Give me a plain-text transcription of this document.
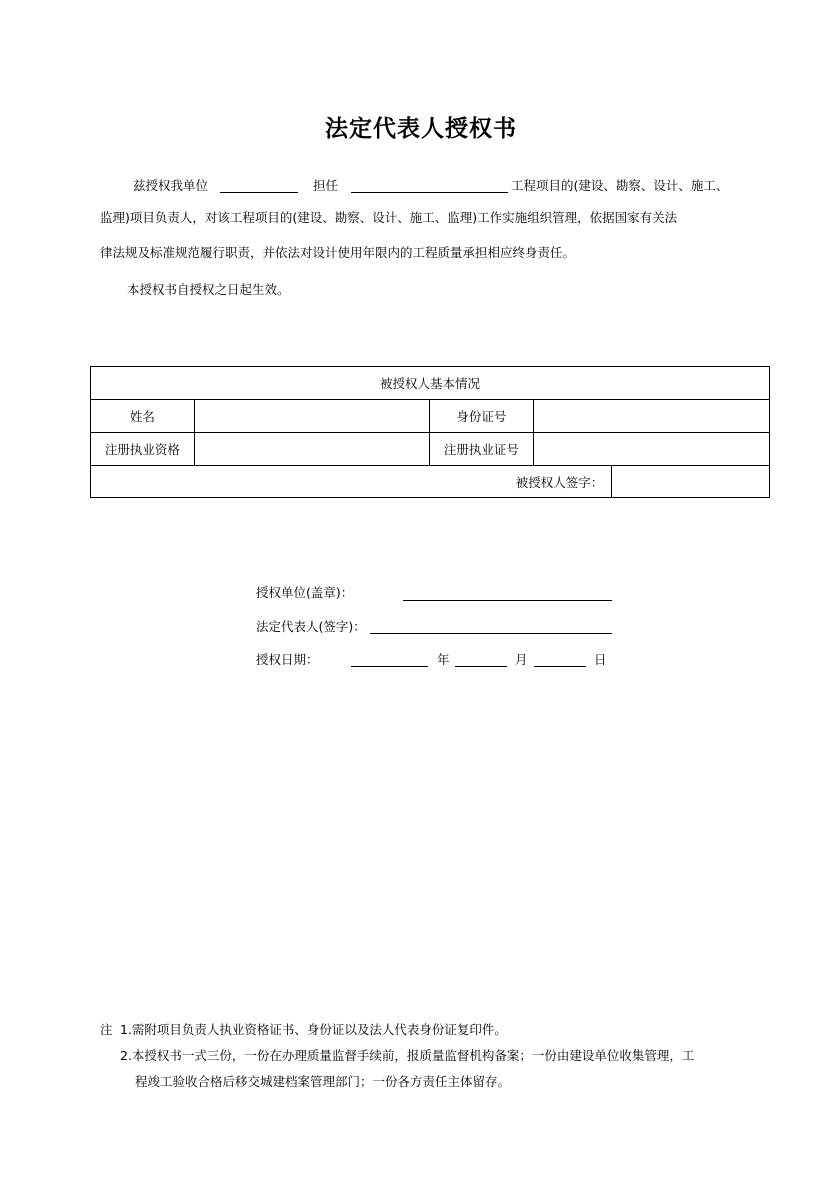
法定代表人授权书
兹授权我单位	担任	工程项目的(建设、勘察、设计、施工、
监理)项目负责人，对该工程项目的(建设、勘察、设计、施工、监理)工作实施组织管理，依据国家有关法
律法规及标准规范履行职责，并依法对设计使用年限内的工程质量承担相应终身责任。
本授权书自授权之日起生效。
被授权人基本情况				
姓名		身份证号		
注册执业资格		注册执业证号		
被授权人签字：				
授权单位(盖章)：
法定代表人(签字)：
授权日期：	年	月	日
注 1.需附项目负责人执业资格证书、身份证以及法人代表身份证复印件。
2.本授权书一式三份，一份在办理质量监督手续前，报质量监督机构备案；一份由建设单位收集管理，工
程竣工验收合格后移交城建档案管理部门；一份各方责任主体留存。
